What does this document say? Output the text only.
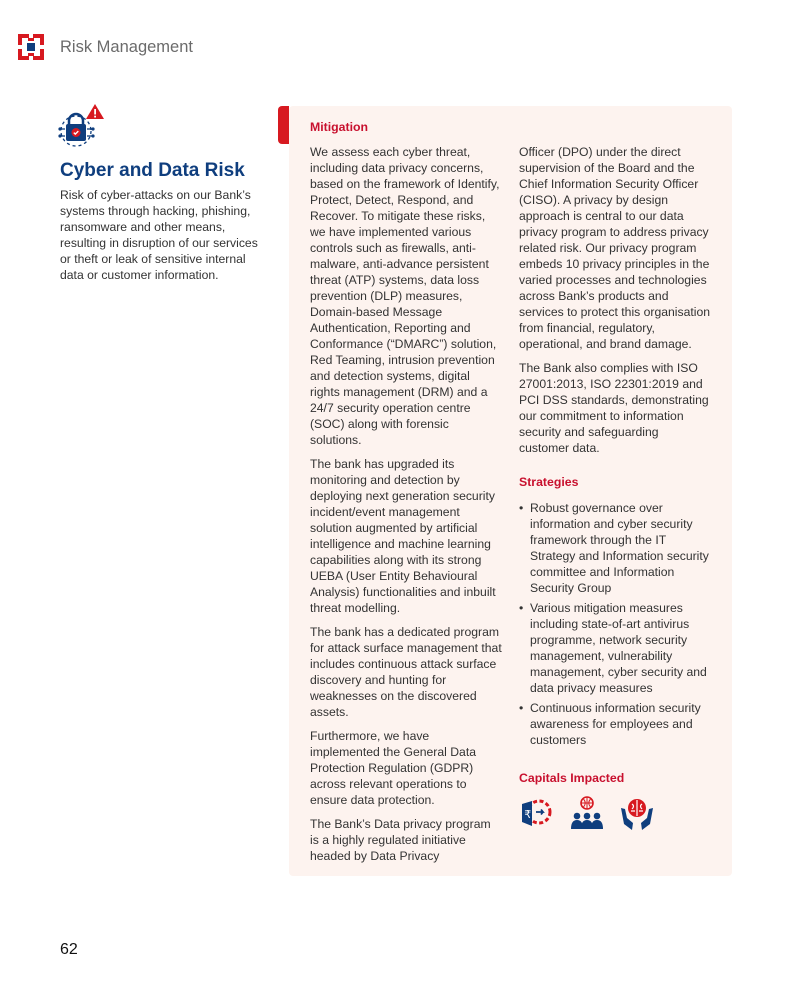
Risk Management
Cyber and Data Risk

Risk of cyber-attacks on our Bank’s systems through hacking, phishing, ransomware and other means, resulting in disruption of our services or theft or leak of sensitive internal data or customer information.

Mitigation

We assess each cyber threat, including data privacy concerns, based on the framework of Identify, Protect, Detect, Respond, and Recover. To mitigate these risks, we have implemented various controls such as firewalls, anti-malware, anti-advance persistent threat (ATP) systems, data loss prevention (DLP) measures, Domain-based Message Authentication, Reporting and Conformance (“DMARC”) solution, Red Teaming, intrusion prevention and detection systems, digital rights management (DRM) and a 24/7 security operation centre (SOC) along with forensic solutions.

The bank has upgraded its monitoring and detection by deploying next generation security incident/event management solution augmented by artificial intelligence and machine learning capabilities along with its strong UEBA (User Entity Behavioural Analysis) functionalities and inbuilt threat modelling.

The bank has a dedicated program for attack surface management that includes continuous attack surface discovery and hunting for weaknesses on the discovered assets.

Furthermore, we have implemented the General Data Protection Regulation (GDPR) across relevant operations to ensure data protection.

The Bank’s Data privacy program is a highly regulated initiative headed by Data Privacy

Officer (DPO) under the direct supervision of the Board and the Chief Information Security Officer (CISO). A privacy by design approach is central to our data privacy program to address privacy related risk. Our privacy program embeds 10 privacy principles in the varied processes and technologies across Bank’s products and services to protect this organisation from financial, regulatory, operational, and brand damage.

The Bank also complies with ISO 27001:2013, ISO 22301:2019 and PCI DSS standards, demonstrating our commitment to information security and safeguarding customer data.

Strategies
• Robust governance over information and cyber security framework through the IT Strategy and Information security committee and Information Security Group
• Various mitigation measures including state-of-art antivirus programme, network security management, vulnerability management, cyber security and data privacy measures
• Continuous information security awareness for employees and customers
Capitals Impacted
₹

62
